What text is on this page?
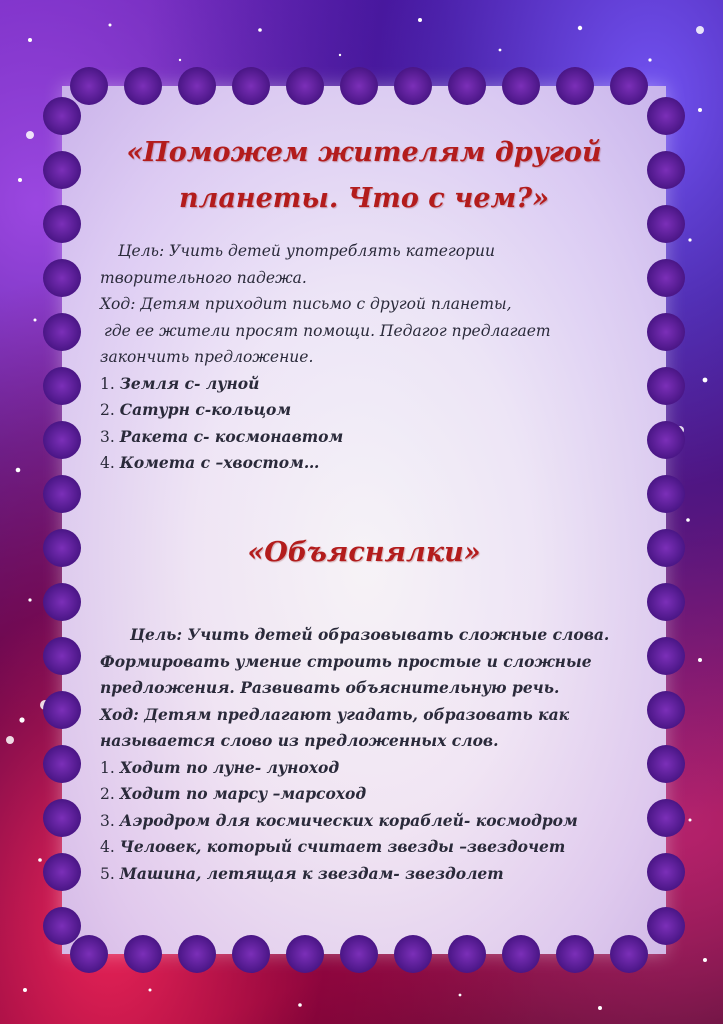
«Поможем жителям другой
планеты. Что с чем?»
Цель: Учить детей употреблять категории
творительного падежа.
Ход: Детям приходит письмо с другой планеты,
где ее жители просят помощи. Педагог предлагает
закончить предложение.
1. Земля с- луной
2. Сатурн с-кольцом
3. Ракета с- космонавтом
4. Комета с –хвостом…
«Объяснялки»
Цель: Учить детей образовывать сложные слова.
Формировать умение строить простые и сложные
предложения. Развивать объяснительную речь.
Ход: Детям предлагают угадать, образовать как
называется слово из предложенных слов.
1. Ходит по луне- луноход
2. Ходит по марсу –марсоход
3. Аэродром для космических кораблей- космодром
4. Человек, который считает звезды –звездочет
5. Машина, летящая к звездам- звездолет
